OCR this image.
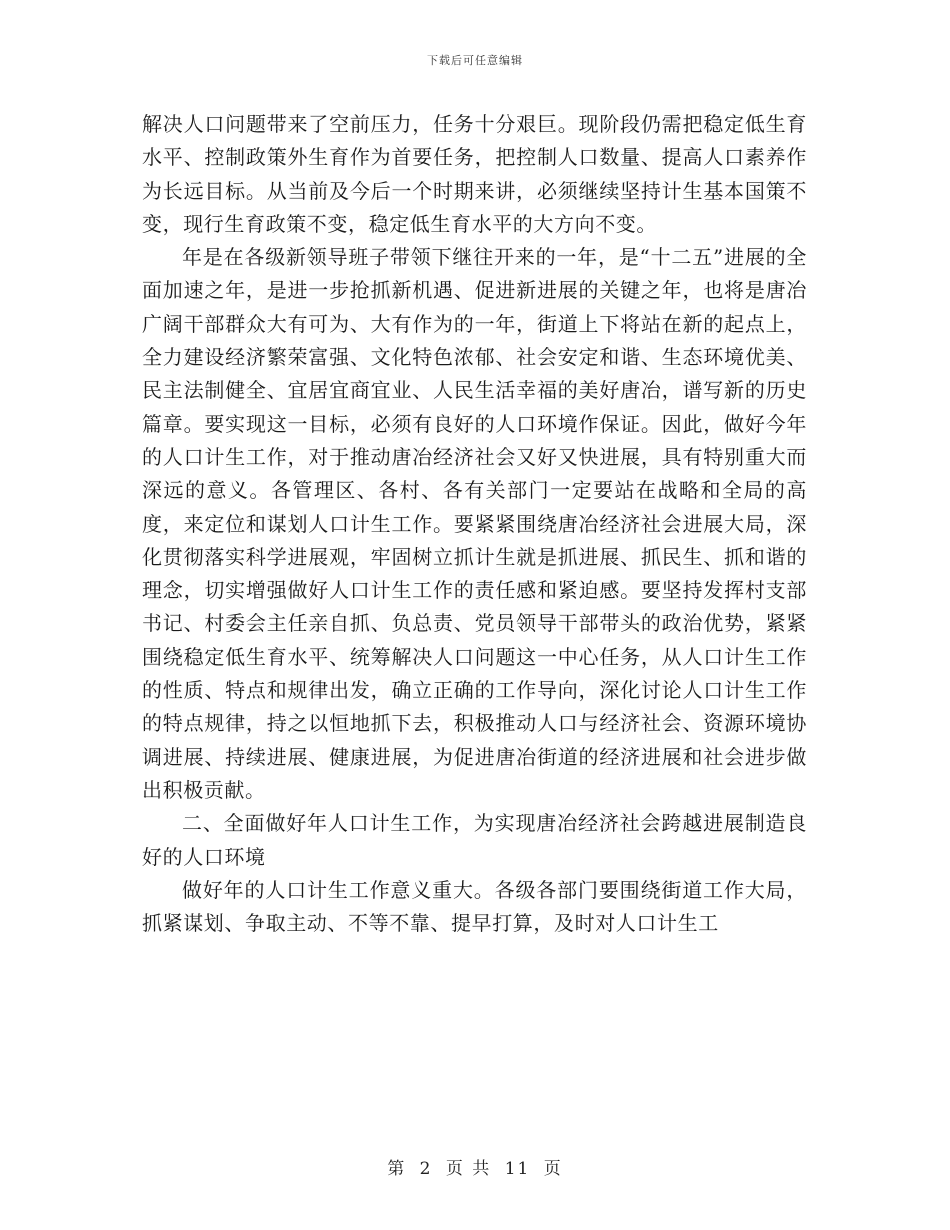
下载后可任意编辑

解决人口问题带来了空前压力，任务十分艰巨。现阶段仍需把稳定低生育水平、控制政策外生育作为首要任务，把控制人口数量、提高人口素养作为长远目标。从当前及今后一个时期来讲，必须继续坚持计生基本国策不变，现行生育政策不变，稳定低生育水平的大方向不变。

年是在各级新领导班子带领下继往开来的一年，是“十二五”进展的全面加速之年，是进一步抢抓新机遇、促进新进展的关键之年，也将是唐冶广阔干部群众大有可为、大有作为的一年，街道上下将站在新的起点上，全力建设经济繁荣富强、文化特色浓郁、社会安定和谐、生态环境优美、民主法制健全、宜居宜商宜业、人民生活幸福的美好唐冶，谱写新的历史篇章。要实现这一目标，必须有良好的人口环境作保证。因此，做好今年的人口计生工作，对于推动唐冶经济社会又好又快进展，具有特别重大而深远的意义。各管理区、各村、各有关部门一定要站在战略和全局的高度，来定位和谋划人口计生工作。要紧紧围绕唐冶经济社会进展大局，深化贯彻落实科学进展观，牢固树立抓计生就是抓进展、抓民生、抓和谐的理念，切实增强做好人口计生工作的责任感和紧迫感。要坚持发挥村支部书记、村委会主任亲自抓、负总责、党员领导干部带头的政治优势，紧紧围绕稳定低生育水平、统筹解决人口问题这一中心任务，从人口计生工作的性质、特点和规律出发，确立正确的工作导向，深化讨论人口计生工作的特点规律，持之以恒地抓下去，积极推动人口与经济社会、资源环境协调进展、持续进展、健康进展，为促进唐冶街道的经济进展和社会进步做出积极贡献。

二、全面做好年人口计生工作，为实现唐冶经济社会跨越进展制造良好的人口环境

做好年的人口计生工作意义重大。各级各部门要围绕街道工作大局，抓紧谋划、争取主动、不等不靠、提早打算，及时对人口计生工

第 2 页 共 11 页
